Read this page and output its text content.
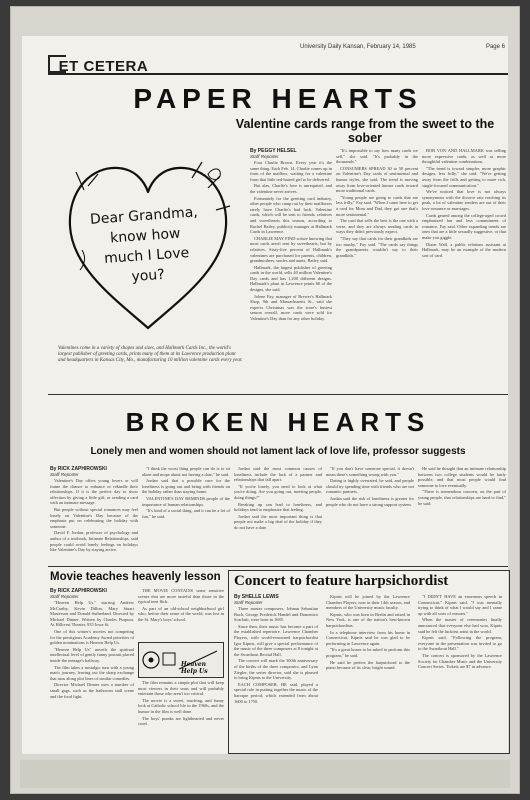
University Daily Kansan, February 14, 1985	Page 6
ET CETERA
PAPER HEARTS
Valentine cards range from the sweet to the sober
Dear Grandma, know how much I Love you?
Valentines come in a variety of shapes and sizes, and Hallmark Cards Inc., the world's largest publisher of greeting cards, prints many of them at its Lawrence production plant and headquarters in Kansas City, Mo., manufacturing 10 million valentine cards every year.
By PEGGY HELSEL
Staff Reporter

Four Charlie Brown. Every year it's the same thing. Each Feb. 14, Charlie comes up in front of the mailbox, waiting for a valentine from that little red-haired girl to be delivered.

But alas, Charlie's love is unrequited, and the valentine never arrives.

Fortunately for the greeting card industry, other people who camp out by their mailboxes rarely have Charlie's bad luck. Valentine cards, which will be sent to friends, relatives and sweethearts this season, according to Rachel Bailey, publicity manager at Hallmark Cards in Lawrence.

CHARLIE MAY FIND solace knowing that most cards aren't sent by sweethearts, but by relatives. Sixty-five percent of Hallmark's valentines are purchased for parents, children, grandmothers, uncles and aunts, Bailey said.

Hallmark, the largest publisher of greeting cards in the world, sells 40 million Valentine's Day cards and has 1,200 different designs. Hallmark's plant in Lawrence prints 60 of the designs, she said.

Jolene Fay, manager of Brewer's Hallmark Shop, 9th and Massachusetts St., said she expects Christmas was the store's busiest season overall, more cards were sold for Valentine's Day than for any other holiday.

"It's impossible to say how many cards we sell," she said. "It's probably in the thousands."

CONSUMERS SPREAD 30 to 50 percent on Valentine's Day cards of sentimental and humor styles, she said. The trend is moving away from love-oriented humor cards toward more traditional cards.

"Young people are going to cards that are less frilly," Fay said. "When I came here to get a card for Mom and Dad, they got one that's more sentimental."

The card that sells the best is the one with a verse, and they are always sending cards in ways they didn't previously expect.

"They say that cards for their grandkids are too mushy," Fay said. "The cards say things the grandparents wouldn't say to their grandkids."

BOB VON AND HALLMARK was selling more expressive cards, as well as more thoughtful valentine combinations.

"The trend is toward simpler, more graphic designs, less frilly," she said. "We're getting away from the frills and getting to more rich, single-focused communication."

We've noticed that love is not always synonymous with the divorce rate reaching its peak, a lot of valentine senders are out of their love romance or marriages.

Cards geared among the college-aged crowd emphasized fun and less commitment of romance, Fay said. Other expanding trends are ones that are a little sexually suggestive, or that make you giggle.

Diane Wall, a public relations assistant at Hallmark, may be an example of the modern sort of card.

BROKEN HEARTS
Lonely men and women should not lament lack of love life, professor suggests
By RICK ZAPHIROWSKI
Staff Reporter

Valentine's Day offers young lovers or will frame the chance to enhance or rekindle their relationships. If it is the perfect day to show affection by giving a little gift, or sending a card with an intimate message.

But people without special romances may feel lonely on Valentine's Day because of the emphasis put on celebrating the holiday with someone.

David F. Jordan, professor of psychology and author of a textbook, Intimate Relationships, said people could avoid lonely feelings on holidays like Valentine's Day by staying active.

"I think the worst thing people can do is to sit alone and mope about not having a date," he said.

Jordan said that a possible cure for the loneliness is going out and being with friends on the holiday rather than staying home.

VALENTINE'S DAY REMINDS people of the importance of human relationships.

"It's kind of a social thing, and it can be a lot of fun," he said.

Jordan said the most common causes of loneliness include the lack of a partner and relationships that fall apart.

"If you're lonely, you need to look at what you're doing. Are you going out, meeting people, doing things?"

Breaking up can lead to loneliness, and holidays tend to emphasize that feeling.

Jordan said the most important thing is that people not make a big deal of the holiday if they do not have a date.

"If you don't have someone special, it doesn't mean there's something wrong with you."

Dating is highly overrated, he said, and people should try spending time with friends who are not romantic partners.

Jordan said the risk of loneliness is greater for people who do not have a strong support system.

He said he thought that an intimate relationship between two college students would be fairly possible, and that most people would find someone to love eventually.

"There is tremendous concern, on the part of young people, that relationships are hard to find," he said.

Movie teaches heavenly lesson
By RICK ZAPHIROWSKI
Staff Reporter

"Heaven Help Us," starring Andrew McCarthy, Kevin Dillon, Mary Stuart Masterson and Donald Sutherland. Directed by Michael Dinner. Written by Charles Purpura. At Hillcrest Theater, 935 Iowa St.

One of this winter's movies not competing for the prestigious Academy Award priorities of golden nominations is Heaven Help Us.

"Heaven Help Us" unveils the spiritual intellectual level of gently funny portrait placed inside the teenage's halfway.

The film takes a nostalgic turn with a young man's journey, leaving out the sharp exchange that runs along plot lines of similar comedies.

Director Michael Dinner uses a number of small gags, such as the bathroom stall scene and the food fight.

Heaven Help Us

THE MOVIE CONTAINS some sensitive scenes that are more tasteful than those in the typical teen flick.

As part of an old-school neighborhood girl who, before their sense of the world, was lost in the St. Mary's boys' school.

The film remains a simple plot that will keep most viewers in their seats and will probably entertain those who aren't too critical.

The movie is a sweet, touching, and funny look at Catholic school life in the 1960s, and the humor in the film is well done.

The boys' pranks are lighthearted and never cruel.

Concert to feature harpsichordist
By SHELLE LEWIS
Staff Reporter

Three master composers, Johann Sebastian Bach, George Frederick Handel and Domenico Scarlatti, were born in 1685.

Since then, their music has become a part of the established repertoire. Lawrence Chamber Players, with world-renowned harpsichordist Igor Kipnis, will give a special performance of the music of the three composers at 8 tonight at the Swarthout Recital Hall.

The concert will mark the 300th anniversary of the births of the three composers, and Lynn Ziegler, the series director, said she is pleased to bring Kipnis to the University.

EACH COMPOSER, HE said, played a special role in putting together the music of the baroque period, which extended from about 1600 to 1750.

Kipnis will be joined by the Lawrence Chamber Players, now in their 14th season, and members of the University music faculty.

Kipnis, who was born in Berlin and raised in New York, is one of the nation's best-known harpsichordists.

In a telephone interview from his home in Connecticut, Kipnis said he was glad to be performing in Lawrence again.

"It's a great honor to be asked to perform this program," he said.

He said he prefers the harpsichord to the piano because of its clear, bright sound.

"I DIDN'T HAVE an enormous speech in Connecticut," Kipnis said. "I was mentally trying to think of what I would say and I came up with all sorts of reasons."

When the master of ceremonies finally announced that everyone else had won, Kipnis said he felt the luckiest artist in the world.

Kipnis said, "Following the program, everyone in the presentation was invited to go to the Swarthout Hall."

The concert is sponsored by the Lawrence Society for Chamber Music and the University Concert Series. Tickets are $7 in advance.
